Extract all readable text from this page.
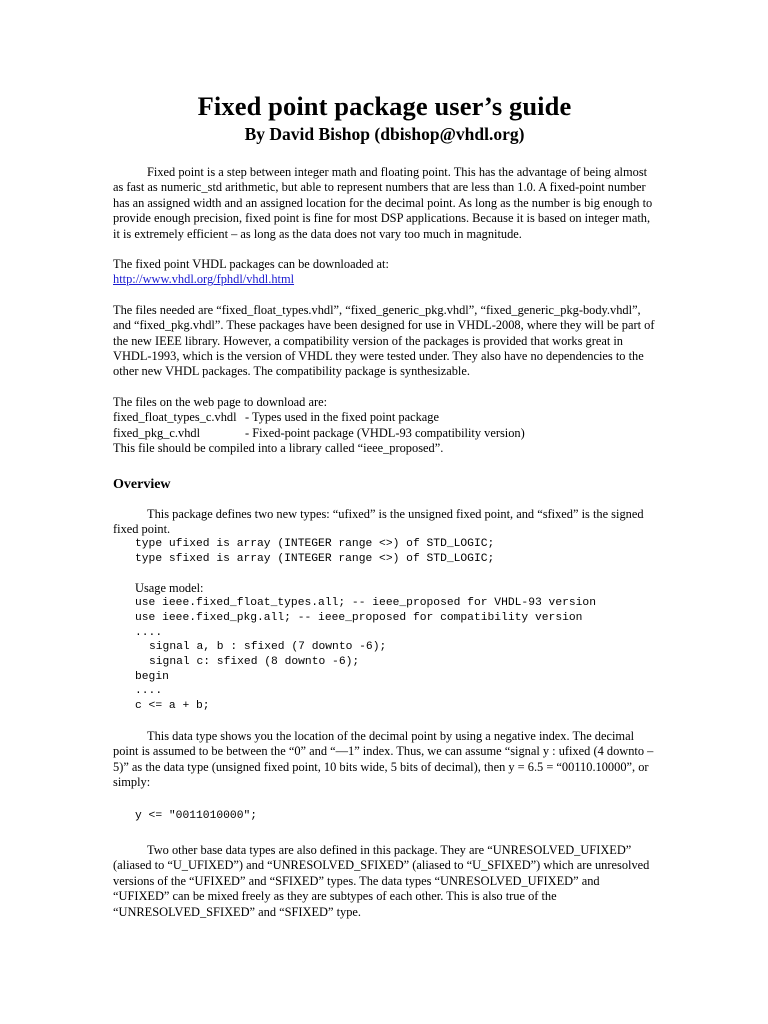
Fixed point package user’s guide
By David Bishop (dbishop@vhdl.org)

Fixed point is a step between integer math and floating point. This has the advantage of being almost as fast as numeric_std arithmetic, but able to represent numbers that are less than 1.0. A fixed-point number has an assigned width and an assigned location for the decimal point. As long as the number is big enough to provide enough precision, fixed point is fine for most DSP applications. Because it is based on integer math, it is extremely efficient – as long as the data does not vary too much in magnitude.

The fixed point VHDL packages can be downloaded at:

http://www.vhdl.org/fphdl/vhdl.html

The files needed are “fixed_float_types.vhdl”, “fixed_generic_pkg.vhdl”, “fixed_generic_pkg-body.vhdl”, and “fixed_pkg.vhdl”. These packages have been designed for use in VHDL-2008, where they will be part of the new IEEE library. However, a compatibility version of the packages is provided that works great in VHDL-1993, which is the version of VHDL they were tested under. They also have no dependencies to the other new VHDL packages. The compatibility package is synthesizable.

The files on the web page to download are:

fixed_float_types_c.vhdl - Types used in the fixed point package
fixed_pkg_c.vhdl	- Fixed-point package (VHDL-93 compatibility version)

This file should be compiled into a library called “ieee_proposed”.

Overview

This package defines two new types: “ufixed” is the unsigned fixed point, and “sfixed” is the signed fixed point.

type ufixed is array (INTEGER range <>) of STD_LOGIC;
type sfixed is array (INTEGER range <>) of STD_LOGIC;

Usage model:

use ieee.fixed_float_types.all; -- ieee_proposed for VHDL-93 version
use ieee.fixed_pkg.all; -- ieee_proposed for compatibility version
....
signal a, b : sfixed (7 downto -6);
signal c: sfixed (8 downto -6);
begin
....
c <= a + b;

This data type shows you the location of the decimal point by using a negative index. The decimal point is assumed to be between the “0” and “—1” index. Thus, we can assume “signal y : ufixed (4 downto –5)” as the data type (unsigned fixed point, 10 bits wide, 5 bits of decimal), then y = 6.5 = “00110.10000”, or simply:

y <= "0011010000";

Two other base data types are also defined in this package. They are “UNRESOLVED_UFIXED” (aliased to “U_UFIXED”) and “UNRESOLVED_SFIXED” (aliased to “U_SFIXED”) which are unresolved versions of the “UFIXED” and “SFIXED” types. The data types “UNRESOLVED_UFIXED” and “UFIXED” can be mixed freely as they are subtypes of each other. This is also true of the “UNRESOLVED_SFIXED” and “SFIXED” type.
